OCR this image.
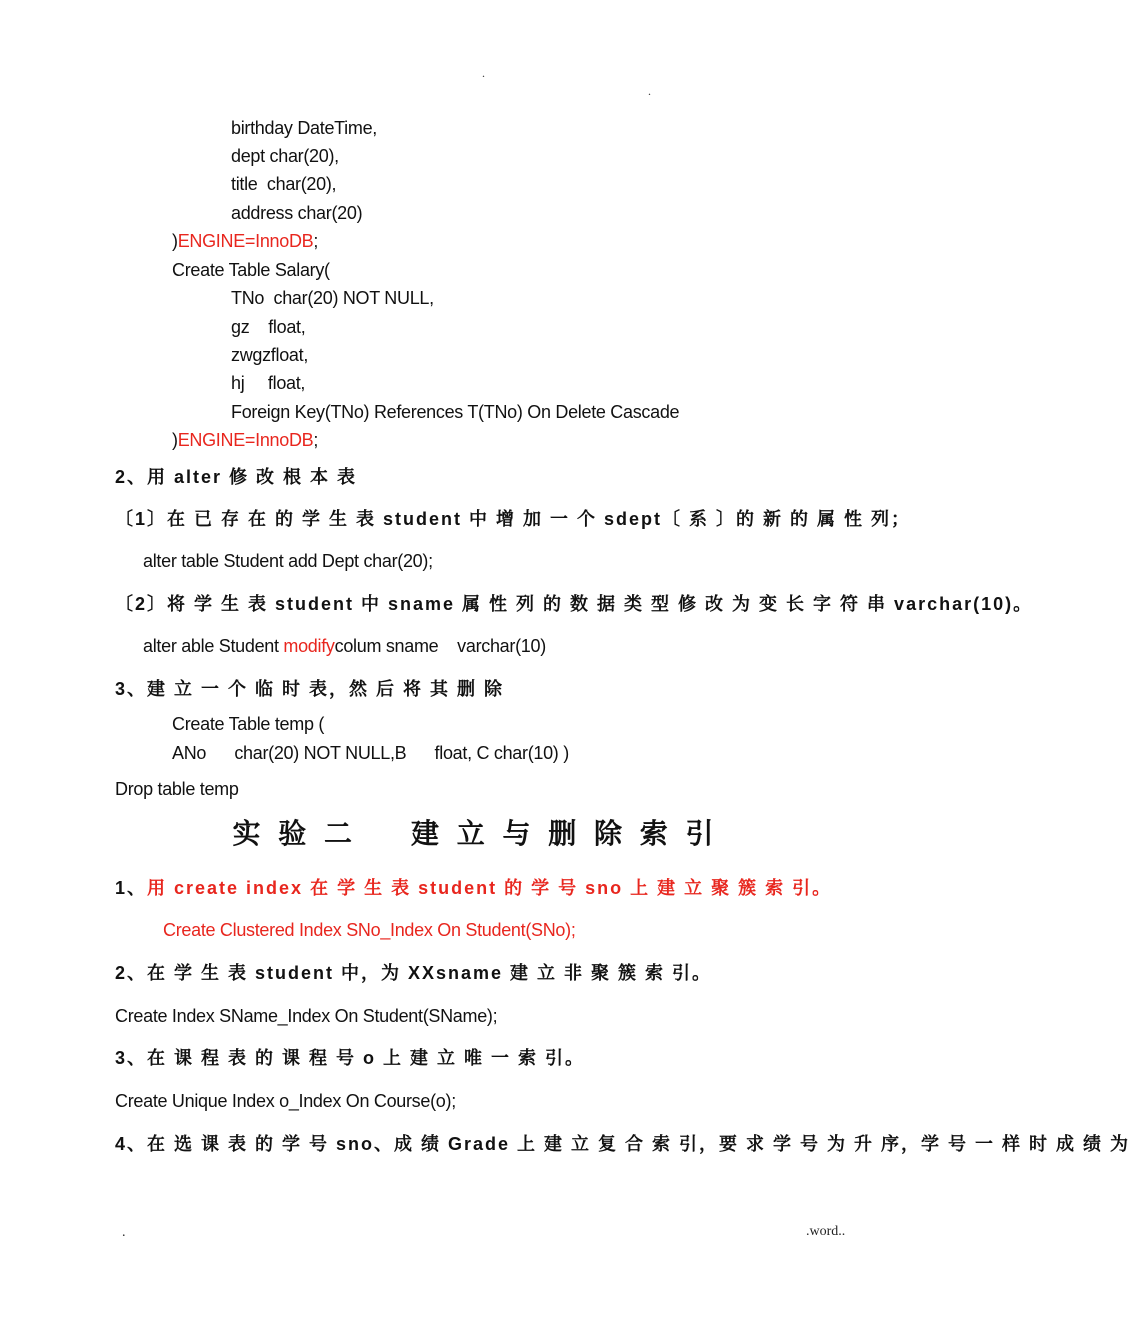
.
.
birthday DateTime,
dept char(20),
title  char(20),
address char(20)
)ENGINE=InnoDB;
Create Table Salary(
TNo  char(20) NOT NULL,
gz    float,
zwgzfloat,
hj     float,
Foreign Key(TNo) References T(TNo) On Delete Cascade
)ENGINE=InnoDB;
2、用 alter 修 改 根 本 表
〔1〕在 已 存 在 的 学 生 表 student 中 增 加 一 个 sdept〔 系 〕的 新 的 属 性 列；
alter table Student add Dept char(20);
〔2〕将 学 生 表 student 中 sname 属 性 列 的 数 据 类 型 修 改 为 变 长 字 符 串 varchar(10)。
alter able Student modifycolum sname    varchar(10)
3、建 立 一 个 临 时 表，然 后 将 其 删 除
Create Table temp (
ANo      char(20) NOT NULL,B      float, C char(10) )
Drop table temp
实 验 二    建 立 与 删 除 索 引
1、用 create index 在 学 生 表 student 的 学 号 sno 上 建 立 聚 簇 索 引。
Create Clustered Index SNo_Index On Student(SNo);
2、在 学 生 表 student 中，为 XXsname 建 立 非 聚 簇 索 引。
Create Index SName_Index On Student(SName);
3、在 课 程 表 的 课 程 号 o 上 建 立 唯 一 索 引。
Create Unique Index o_Index On Course(o);
4、在 选 课 表 的 学 号 sno、成 绩 Grade 上 建 立 复 合 索 引，要 求 学 号 为 升 序，学 号 一 样 时 成 绩 为
.	.word..
